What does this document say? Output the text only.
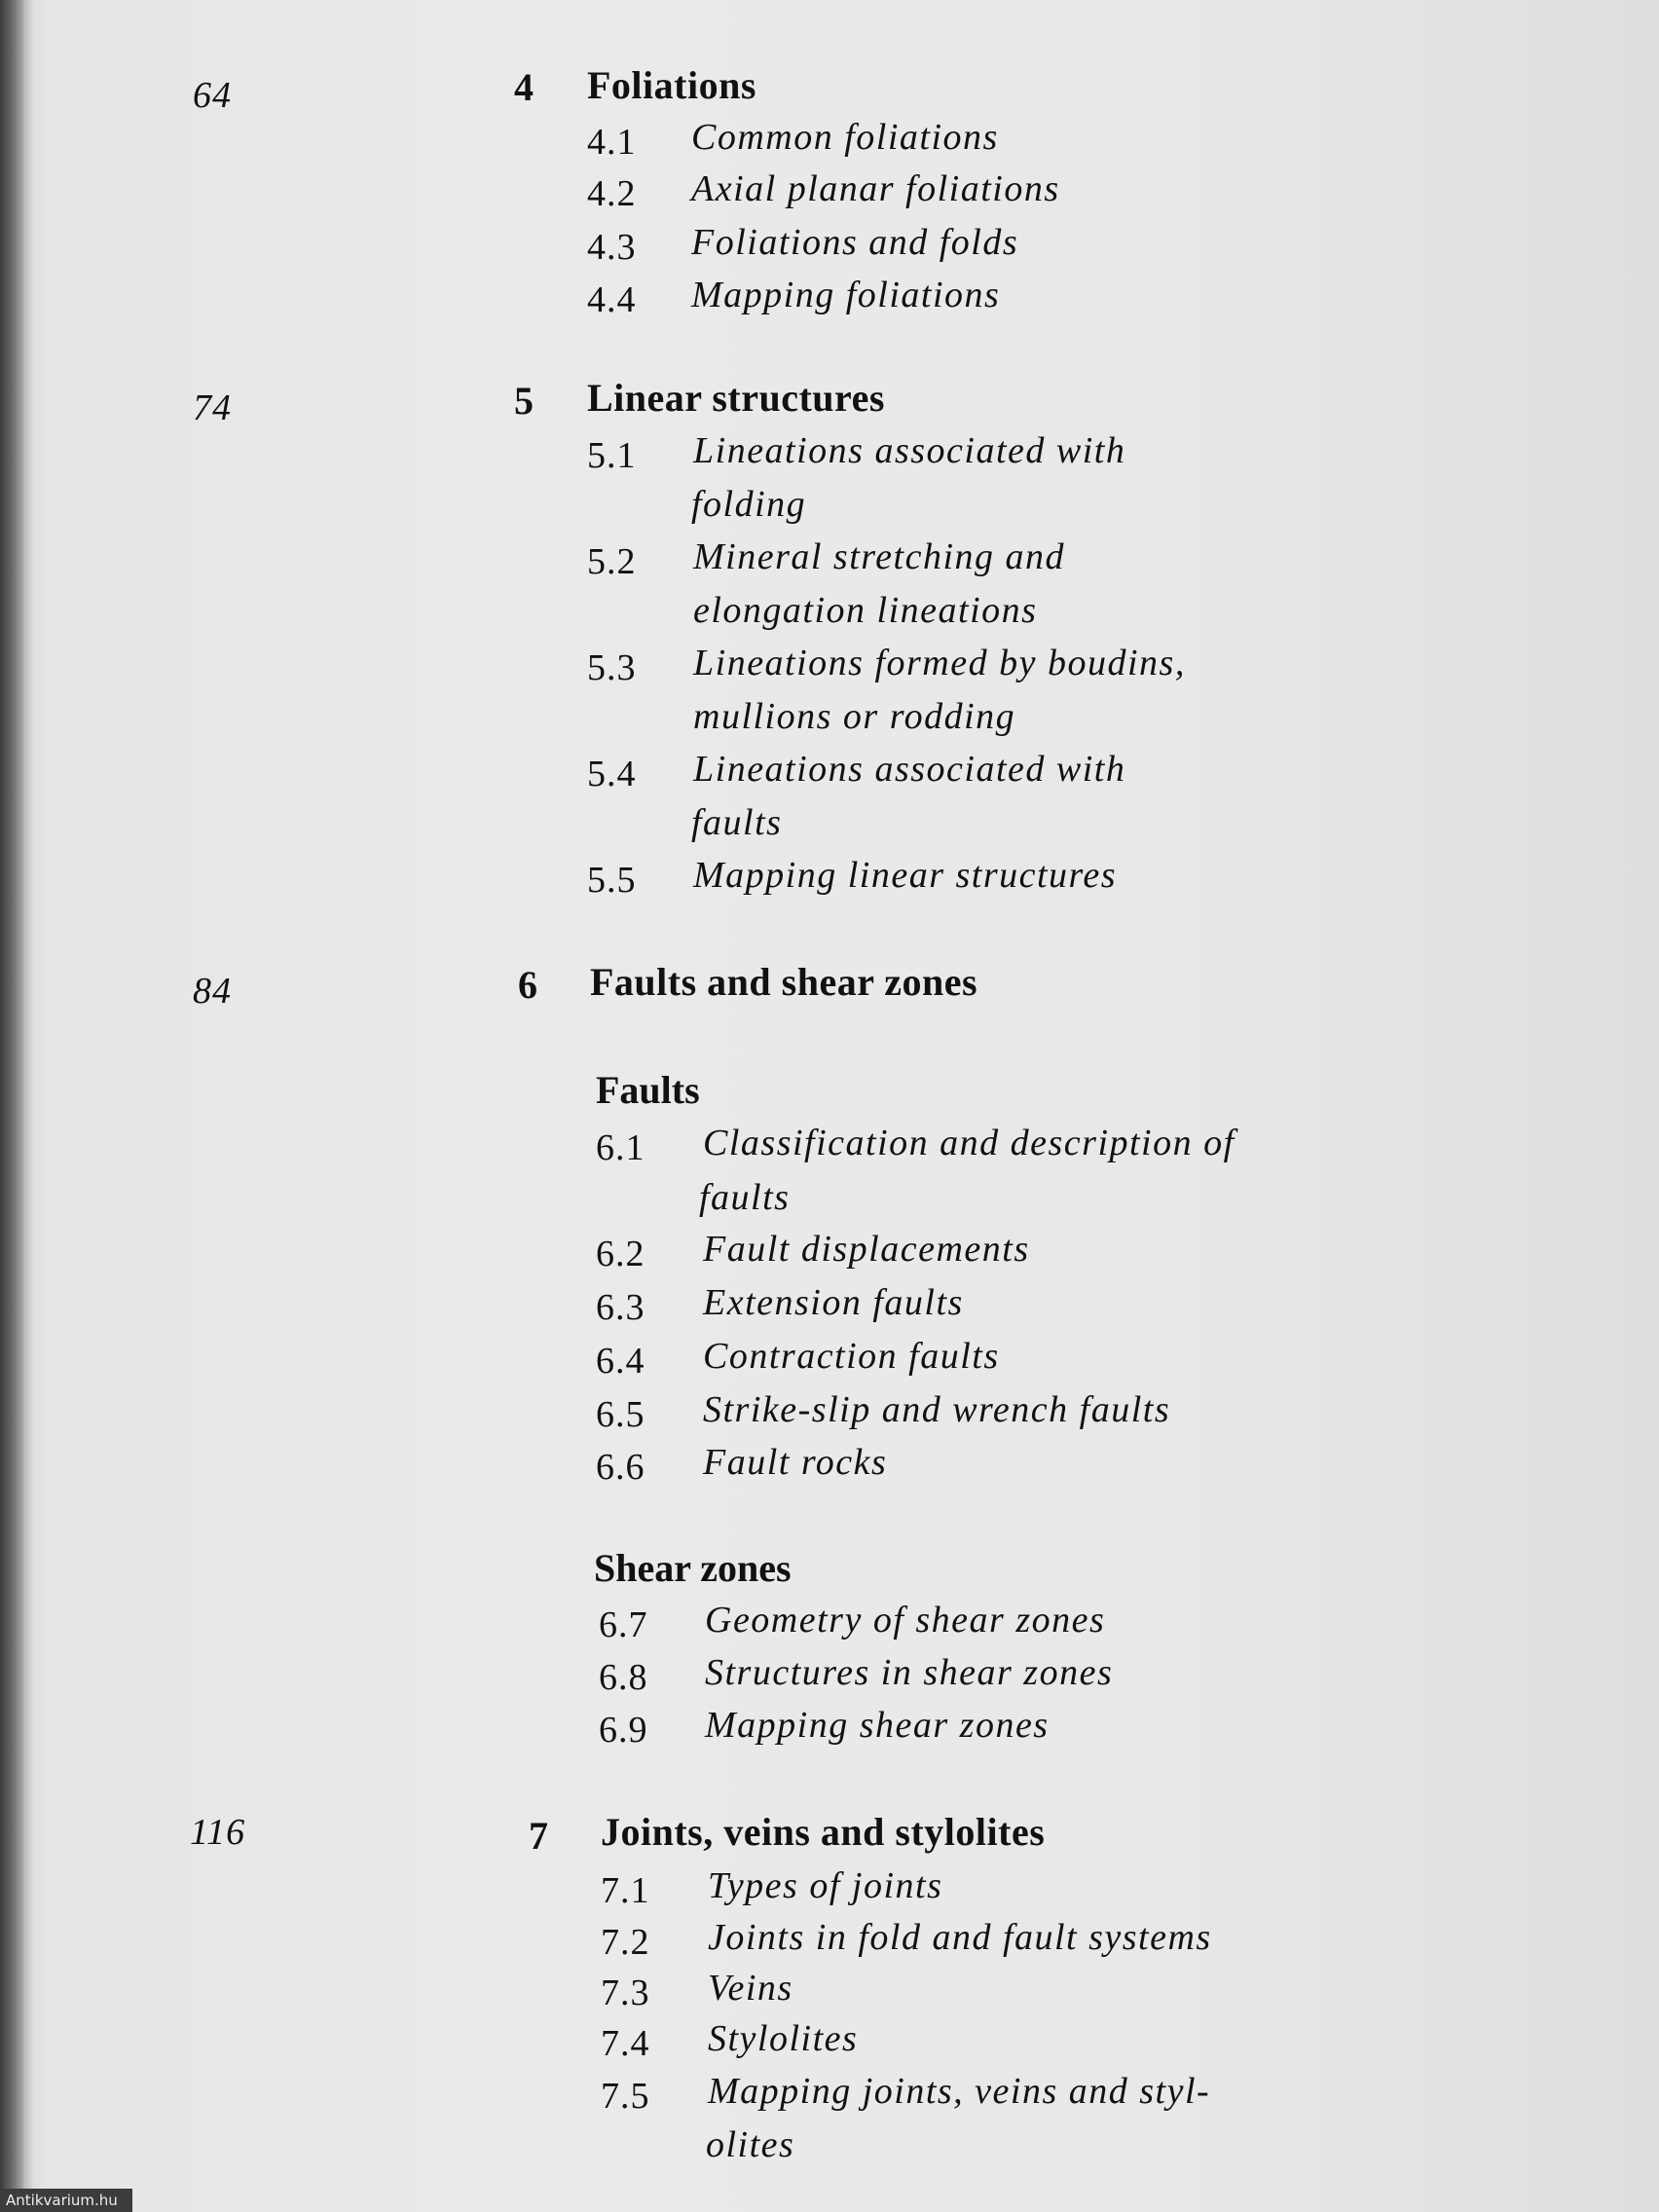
64	4 Foliations
4.1 Common foliations
4.2 Axial planar foliations
4.3 Foliations and folds
4.4 Mapping foliations
74	5 Linear structures
5.1 Lineations associated with
folding
5.2 Mineral stretching and
elongation lineations
5.3 Lineations formed by boudins,
mullions or rodding
5.4 Lineations associated with
faults
5.5 Mapping linear structures
84	6 Faults and shear zones
Faults
6.1 Classification and description of
faults
6.2 Fault displacements
6.3 Extension faults
6.4 Contraction faults
6.5 Strike-slip and wrench faults
6.6 Fault rocks
Shear zones
6.7 Geometry of shear zones
6.8 Structures in shear zones
6.9 Mapping shear zones
116	7 Joints, veins and stylolites
7.1 Types of joints
7.2 Joints in fold and fault systems
7.3 Veins
7.4 Stylolites
7.5 Mapping joints, veins and styl-
olites
Antikvarium.hu
